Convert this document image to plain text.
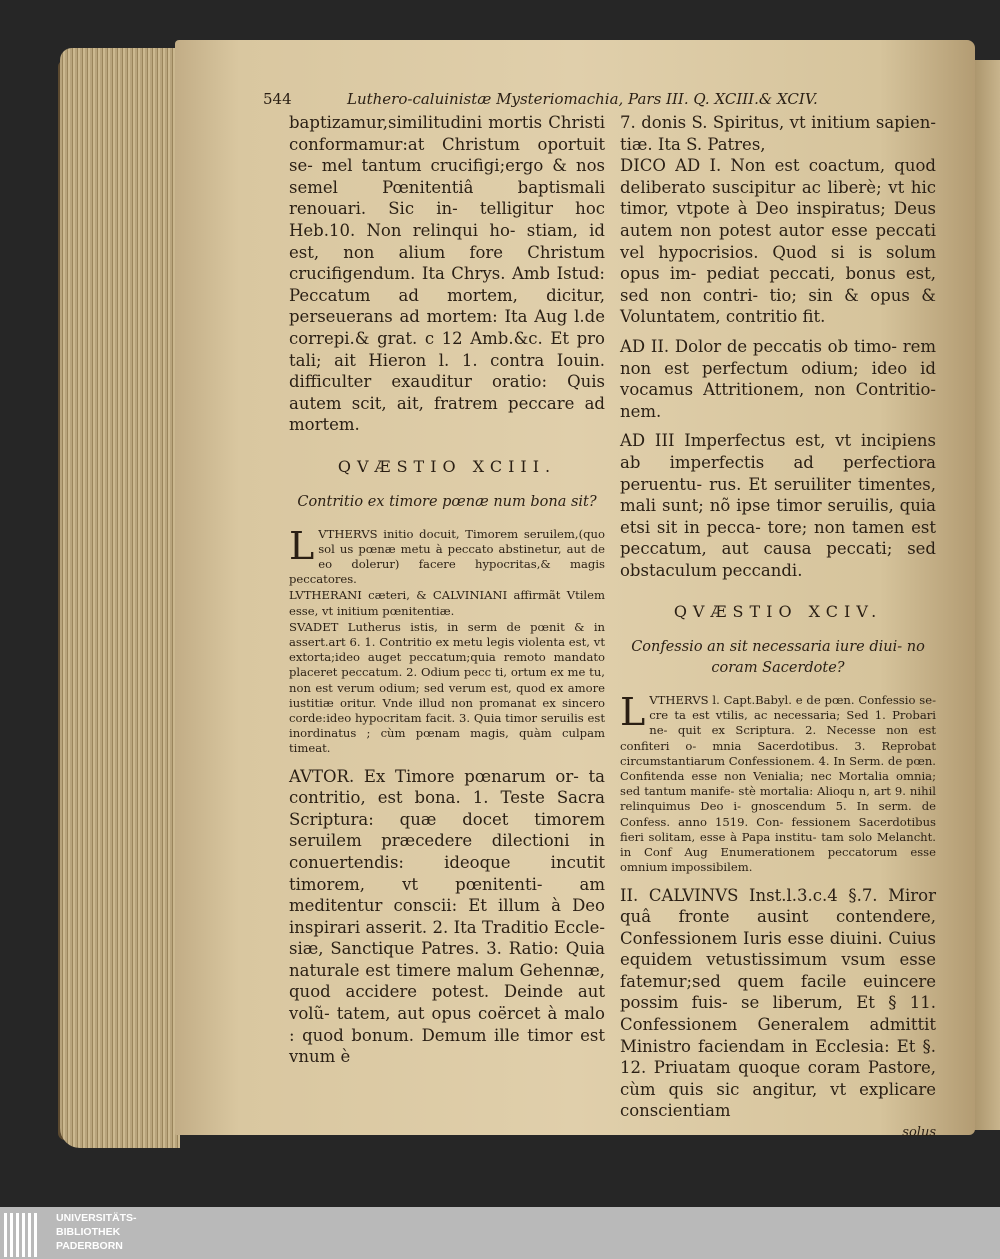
544	Luthero-caluinistæ Mysteriomachia, Pars III. Q. XCIII.& XCIV.

baptizamur,similitudini mortis Christi conformamur:at Christum oportuit se- mel tantum crucifigi;ergo & nos semel Pœnitentiâ baptismali renouari. Sic in- telligitur hoc Heb.10. Non relinqui ho- stiam, id est, non alium fore Christum crucifigendum. Ita Chrys. Amb Istud: Peccatum ad mortem, dicitur, perseuerans ad mortem: Ita Aug l.de correpi.& grat. c 12 Amb.&c. Et pro tali; ait Hieron l. 1. contra Iouin. difficulter exauditur oratio: Quis autem scit, ait, fratrem peccare ad mortem.

QVÆSTIO XCIII.
Contritio ex timore pœnæ num bona sit?
L VTHERVS initio docuit, Timorem seruilem,(quo sol us pœnæ metu à peccato abstinetur, aut de eo dolerur) facere hypocritas,& magis peccatores.

LVTHERANI cæteri, & CALVINIANI affirmãt Vtilem esse, vt initium pœnitentiæ.

SVADET Lutherus istis, in serm de pœnit & in assert.art 6. 1. Contritio ex metu legis violenta est, vt extorta;ideo auget peccatum;quia remoto mandato placeret peccatum. 2. Odium pecc ti, ortum ex me tu, non est verum odium; sed verum est, quod ex amore iustitiæ oritur. Vnde illud non promanat ex sincero corde:ideo hypocritam facit. 3. Quia timor seruilis est inordinatus ; cùm pœnam magis, quàm culpam timeat.

AVTOR. Ex Timore pœnarum or- ta contritio, est bona. 1. Teste Sacra Scriptura: quæ docet timorem seruilem præcedere dilectioni in conuertendis: ideoque incutit timorem, vt pœnitenti- am meditentur conscii: Et illum à Deo inspirari asserit. 2. Ita Traditio Eccle- siæ, Sanctique Patres. 3. Ratio: Quia naturale est timere malum Gehennæ, quod accidere potest. Deinde aut volũ- tatem, aut opus coërcet à malo : quod bonum. Demum ille timor est vnum è

7. donis S. Spiritus, vt initium sapien- tiæ. Ita S. Patres,

DICO AD I. Non est coactum, quod deliberato suscipitur ac liberè; vt hic timor, vtpote à Deo inspiratus; Deus autem non potest autor esse peccati vel hypocrisios. Quod si is solum opus im- pediat peccati, bonus est, sed non contri- tio; sin & opus & Voluntatem, contritio fit.

AD II. Dolor de peccatis ob timo- rem non est perfectum odium; ideo id vocamus Attritionem, non Contritio- nem.

AD III Imperfectus est, vt incipiens ab imperfectis ad perfectiora peruentu- rus. Et seruiliter timentes, mali sunt; nõ ipse timor seruilis, quia etsi sit in pecca- tore; non tamen est peccatum, aut causa peccati; sed obstaculum peccandi.

QVÆSTIO XCIV.
Confessio an sit necessaria iure diui- no coram Sacerdote?
L VTHERVS l. Capt.Babyl. e de pœn. Confessio se- cre ta est vtilis, ac necessaria; Sed 1. Probari ne- quit ex Scriptura. 2. Necesse non est confiteri o- mnia Sacerdotibus. 3. Reprobat circumstantiarum Confessionem. 4. In Serm. de pœn. Confitenda esse non Venialia; nec Mortalia omnia; sed tantum manife- stè mortalia: Alioqu n, art 9. nihil relinquimus Deo i- gnoscendum 5. In serm. de Confess. anno 1519. Con- fessionem Sacerdotibus fieri solitam, esse à Papa institu- tam solo Melancht. in Conf Aug Enumerationem peccatorum esse omnium impossibilem.

II. CALVINVS Inst.l.3.c.4 §.7. Miror quâ fronte ausint contendere, Confessionem Iuris esse diuini. Cuius equidem vetustissimum vsum esse fatemur;sed quem facile euincere possim fuis- se liberum, Et § 11. Confessionem Generalem admittit Ministro faciendam in Ecclesia: Et §. 12. Priuatam quoque coram Pastore, cùm quis sic angitur, vt explicare conscientiam

solus
UNIVERSITÄTS-
BIBLIOTHEK
PADERBORN
